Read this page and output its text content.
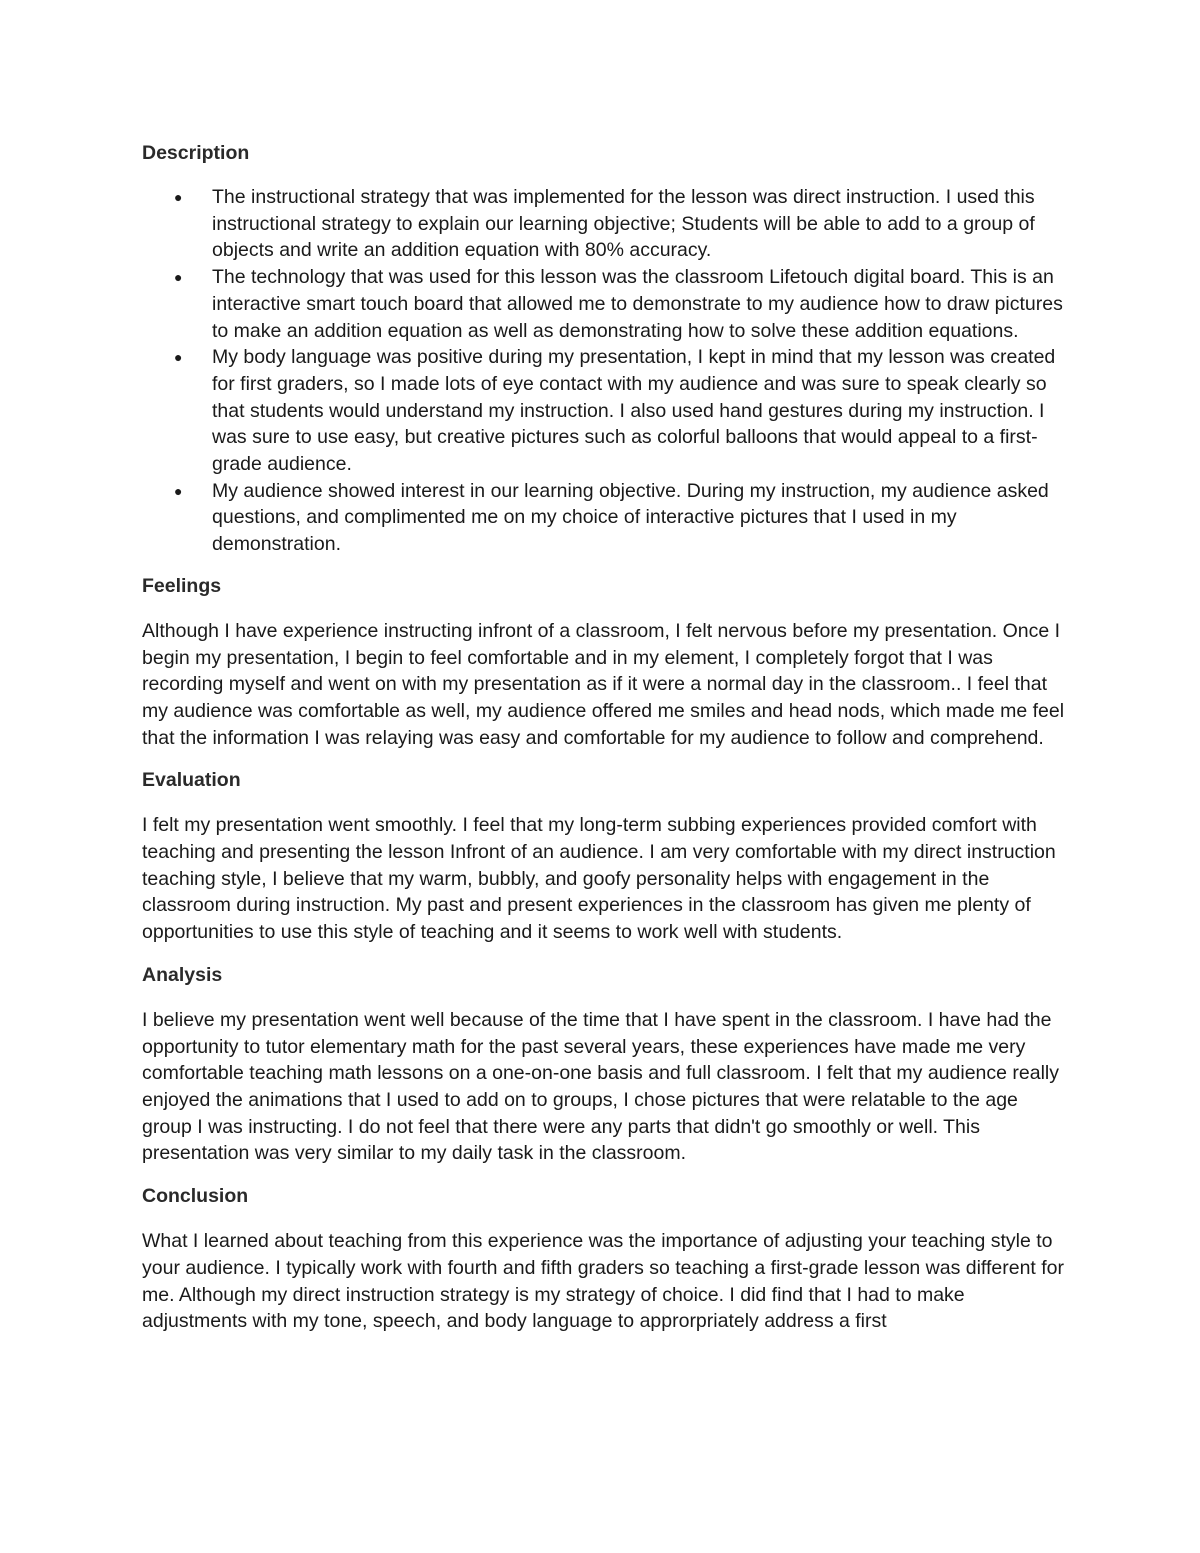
Description
●	The instructional strategy that was implemented for the lesson was direct instruction. I used this instructional strategy to explain our learning objective; Students will be able to add to a group of objects and write an addition equation with 80% accuracy.
●	The technology that was used for this lesson was the classroom Lifetouch digital board. This is an interactive smart touch board that allowed me to demonstrate to my audience how to draw pictures to make an addition equation as well as demonstrating how to solve these addition equations.
●	My body language was positive during my presentation, I kept in mind that my lesson was created for first graders, so I made lots of eye contact with my audience and was sure to speak clearly so that students would understand my instruction. I also used hand gestures during my instruction. I was sure to use easy, but creative pictures such as colorful balloons that would appeal to a first-grade audience.
●	My audience showed interest in our learning objective. During my instruction, my audience asked questions, and complimented me on my choice of interactive pictures that I used in my demonstration.
Feelings

Although I have experience instructing infront of a classroom, I felt nervous before my presentation. Once I begin my presentation, I begin to feel comfortable and in my element, I completely forgot that I was recording myself and went on with my presentation as if it were a normal day in the classroom.. I feel that my audience was comfortable as well, my audience offered me smiles and head nods, which made me feel that the information I was relaying was easy and comfortable for my audience to follow and comprehend.

Evaluation

I felt my presentation went smoothly. I feel that my long-term subbing experiences provided comfort with teaching and presenting the lesson Infront of an audience. I am very comfortable with my direct instruction teaching style, I believe that my warm, bubbly, and goofy personality helps with engagement in the classroom during instruction. My past and present experiences in the classroom has given me plenty of opportunities to use this style of teaching and it seems to work well with students.

Analysis

I believe my presentation went well because of the time that I have spent in the classroom. I have had the opportunity to tutor elementary math for the past several years, these experiences have made me very comfortable teaching math lessons on a one-on-one basis and full classroom. I felt that my audience really enjoyed the animations that I used to add on to groups, I chose pictures that were relatable to the age group I was instructing. I do not feel that there were any parts that didn't go smoothly or well. This presentation was very similar to my daily task in the classroom.

Conclusion

What I learned about teaching from this experience was the importance of adjusting your teaching style to your audience. I typically work with fourth and fifth graders so teaching a first-grade lesson was different for me. Although my direct instruction strategy is my strategy of choice. I did find that I had to make adjustments with my tone, speech, and body language to approrpriately address a first
